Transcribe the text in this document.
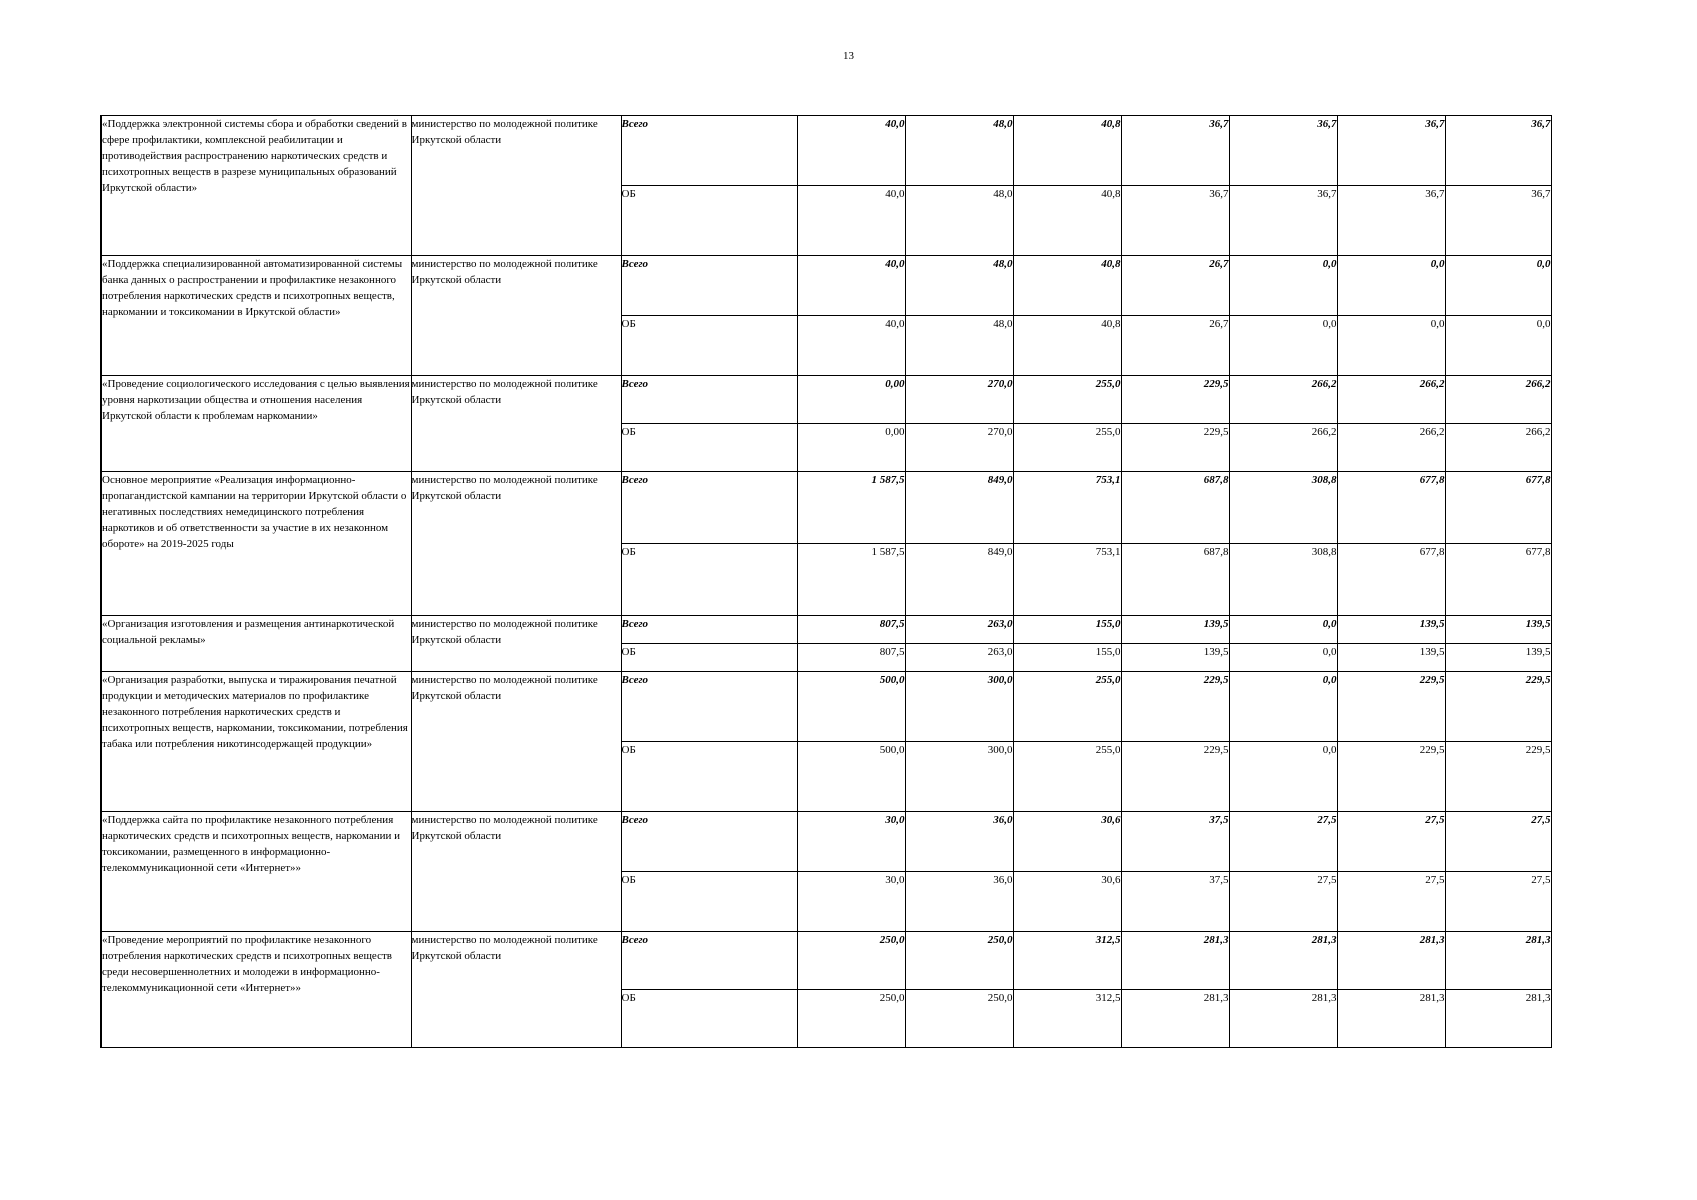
13
«Поддержка электронной системы сбора и обработки сведений в сфере профилактики, комплексной реабилитации и противодействия распространению наркотических средств и психотропных веществ в разрезе муниципальных образований Иркутской области»	министерство по молодежной политике Иркутской области	Всего	40,0	48,0	40,8	36,7	36,7	36,7	36,7
		ОБ	40,0	48,0	40,8	36,7	36,7	36,7	36,7
«Поддержка специализированной автоматизированной системы банка данных о распространении и профилактике незаконного потребления наркотических средств и психотропных веществ, наркомании и токсикомании в Иркутской области»	министерство по молодежной политике Иркутской области	Всего	40,0	48,0	40,8	26,7	0,0	0,0	0,0
		ОБ	40,0	48,0	40,8	26,7	0,0	0,0	0,0
«Проведение социологического исследования с целью выявления уровня наркотизации общества и отношения населения Иркутской области к проблемам наркомании»	министерство по молодежной политике Иркутской области	Всего	0,00	270,0	255,0	229,5	266,2	266,2	266,2
		ОБ	0,00	270,0	255,0	229,5	266,2	266,2	266,2
Основное мероприятие «Реализация информационно-пропагандистской кампании на территории Иркутской области о негативных последствиях немедицинского потребления наркотиков и об ответственности за участие в их незаконном обороте» на 2019-2025 годы	министерство по молодежной политике Иркутской области	Всего	1 587,5	849,0	753,1	687,8	308,8	677,8	677,8
		ОБ	1 587,5	849,0	753,1	687,8	308,8	677,8	677,8
«Организация изготовления и размещения антинаркотической социальной рекламы»	министерство по молодежной политике Иркутской области	Всего	807,5	263,0	155,0	139,5	0,0	139,5	139,5
		ОБ	807,5	263,0	155,0	139,5	0,0	139,5	139,5
«Организация разработки, выпуска и тиражирования печатной продукции и методических материалов по профилактике незаконного потребления наркотических средств и психотропных веществ, наркомании, токсикомании, потребления табака или потребления никотинсодержащей продукции»	министерство по молодежной политике Иркутской области	Всего	500,0	300,0	255,0	229,5	0,0	229,5	229,5
		ОБ	500,0	300,0	255,0	229,5	0,0	229,5	229,5
«Поддержка сайта по профилактике незаконного потребления наркотических средств и психотропных веществ, наркомании и токсикомании, размещенного в информационно-телекоммуникационной сети «Интернет»»	министерство по молодежной политике Иркутской области	Всего	30,0	36,0	30,6	37,5	27,5	27,5	27,5
		ОБ	30,0	36,0	30,6	37,5	27,5	27,5	27,5
«Проведение мероприятий по профилактике незаконного потребления наркотических средств и психотропных веществ среди несовершеннолетних и молодежи в информационно-телекоммуникационной сети «Интернет»»	министерство по молодежной политике Иркутской области	Всего	250,0	250,0	312,5	281,3	281,3	281,3	281,3
		ОБ	250,0	250,0	312,5	281,3	281,3	281,3	281,3
